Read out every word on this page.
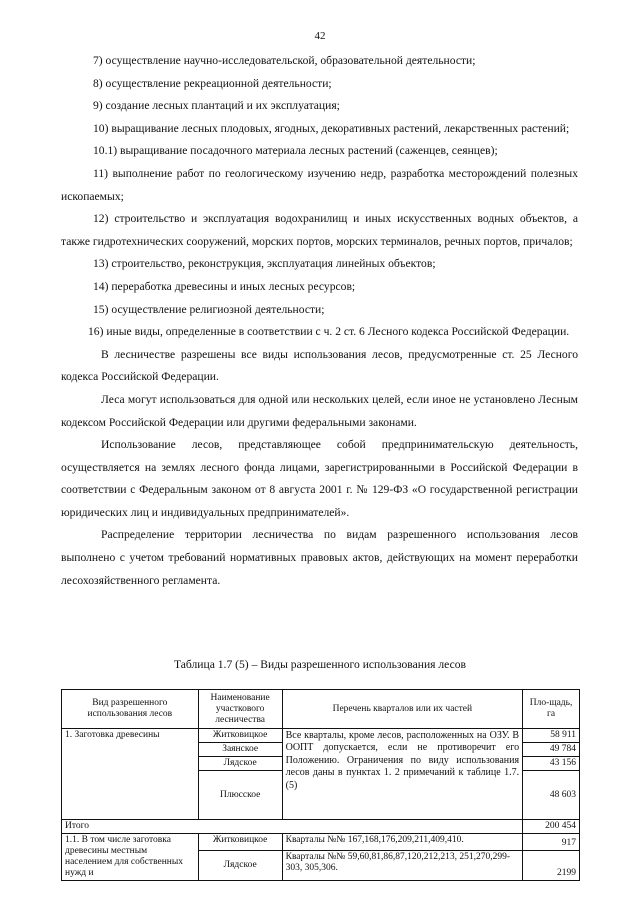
42

7) осуществление научно-исследовательской, образовательной деятельности;

8) осуществление рекреационной деятельности;

9) создание лесных плантаций и их эксплуатация;

10) выращивание лесных плодовых, ягодных, декоративных растений, лекарственных растений;

10.1) выращивание посадочного материала лесных растений (саженцев, сеянцев);

11) выполнение работ по геологическому изучению недр, разработка месторождений полезных ископаемых;

12) строительство и эксплуатация водохранилищ и иных искусственных водных объектов, а также гидротехнических сооружений, морских портов, морских терминалов, речных портов, причалов;

13) строительство, реконструкция, эксплуатация линейных объектов;

14) переработка древесины и иных лесных ресурсов;

15) осуществление религиозной деятельности;

16) иные виды, определенные в соответствии с ч. 2 ст. 6 Лесного кодекса Российской Федерации.

В лесничестве разрешены все виды использования лесов, предусмотренные ст. 25 Лесного кодекса Российской Федерации.

Леса могут использоваться для одной или нескольких целей, если иное не установлено Лесным кодексом Российской Федерации или другими федеральными законами.

Использование лесов, представляющее собой предпринимательскую деятельность, осуществляется на землях лесного фонда лицами, зарегистрированными в Российской Федерации в соответствии с Федеральным законом от 8 августа 2001 г. № 129-ФЗ «О государственной регистрации юридических лиц и индивидуальных предпринимателей».

Распределение территории лесничества по видам разрешенного использования лесов выполнено с учетом требований нормативных правовых актов, действующих на момент переработки лесохозяйственного регламента.

Таблица 1.7 (5) – Виды разрешенного использования лесов
Вид разрешенного использования лесов	Наименование участкового лесничества	Перечень кварталов или их частей	Пло-щадь, га
1. Заготовка древесины	Житковицкое	Все кварталы, кроме лесов, расположенных на ОЗУ. В ООПТ допускается, если не противоречит его Положению. Ограничения по виду использования лесов даны в пунктах 1. 2 примечаний к таблице 1.7.(5)	58 911
	Заянское		49 784
	Лядское		43 156
	Плюсское		48 603
Итого			200 454
1.1. В том числе заготовка древесины местным населением для собственных нужд и	Житковицкое	Кварталы №№ 167,168,176,209,211,409,410.	917
	Лядское	Кварталы №№ 59,60,81,86,87,120,212,213, 251,270,299-303, 305,306.	2199
